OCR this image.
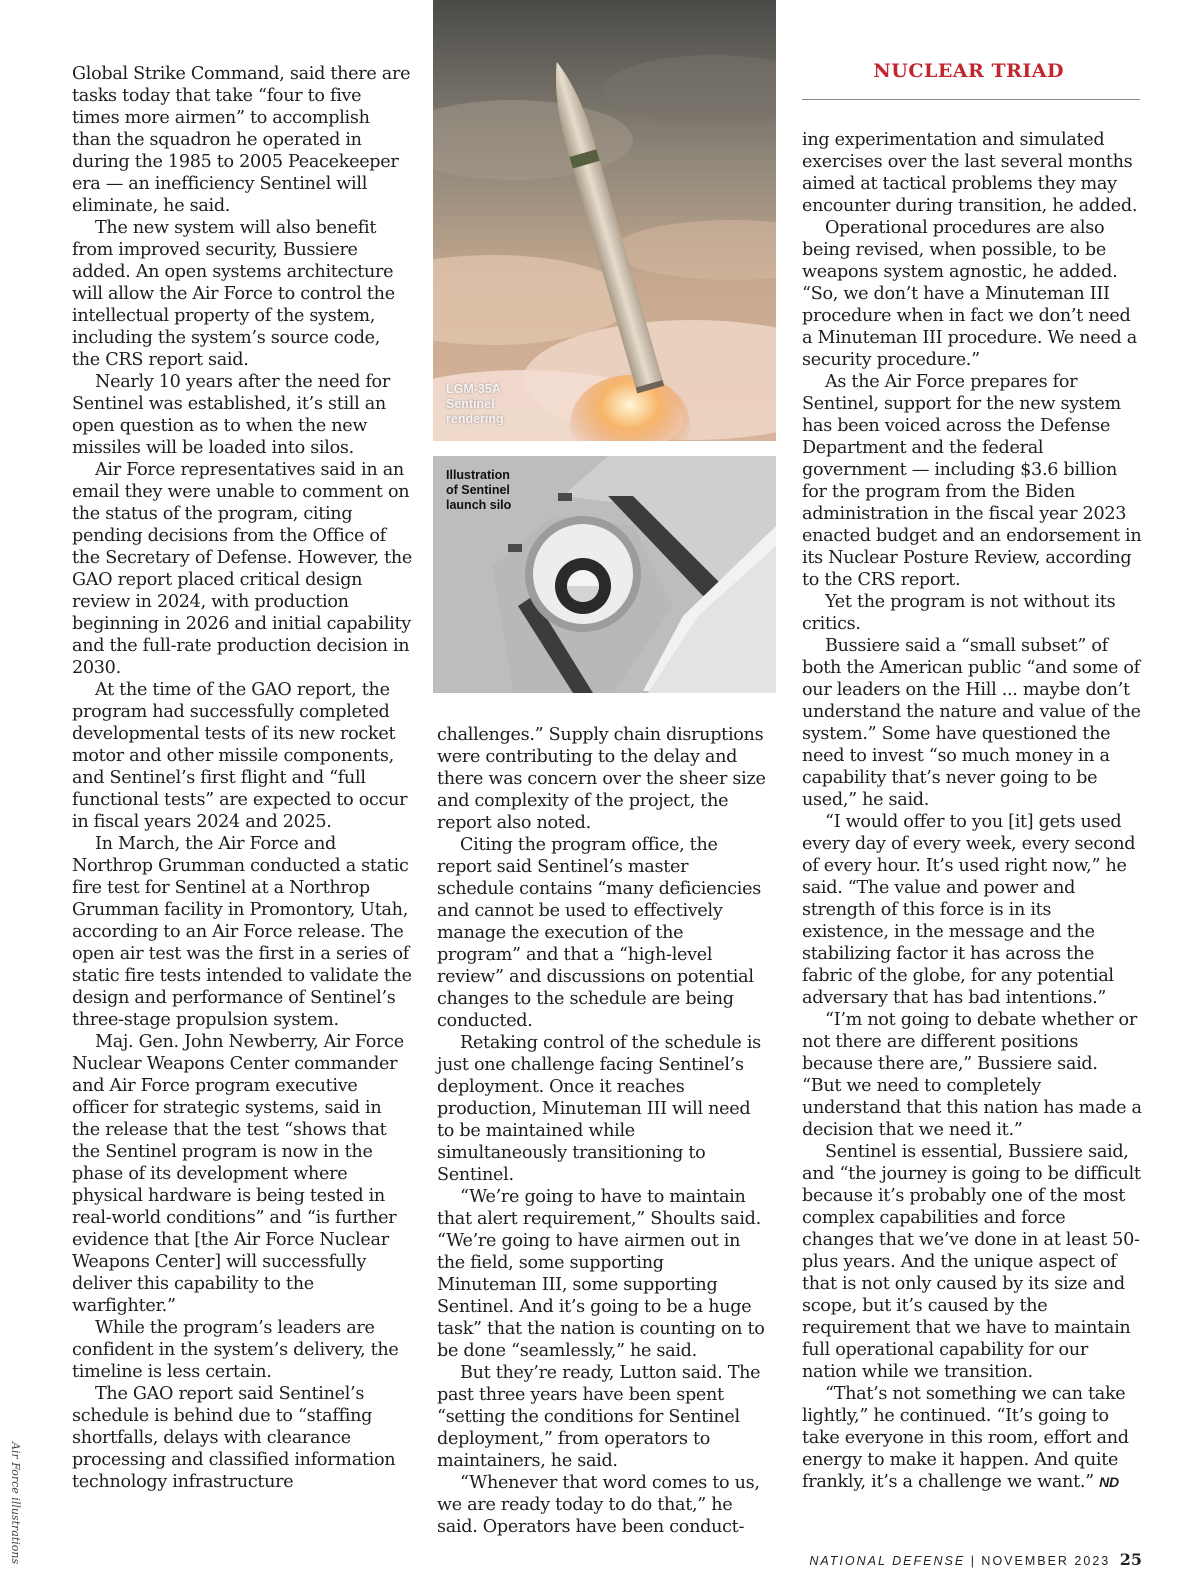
NUCLEAR TRIAD

Global Strike Command, said there are tasks today that take “four to five times more airmen” to accomplish than the squadron he operated in during the 1985 to 2005 Peacekeeper era — an inefficiency Sentinel will eliminate, he said.

The new system will also benefit from improved security, Bussiere added. An open systems architecture will allow the Air Force to control the intellectual property of the system, including the system’s source code, the CRS report said.

Nearly 10 years after the need for Sentinel was established, it’s still an open question as to when the new missiles will be loaded into silos.

Air Force representatives said in an email they were unable to comment on the status of the program, citing pending decisions from the Office of the Secretary of Defense. However, the GAO report placed critical design review in 2024, with production beginning in 2026 and initial capability and the full-rate production decision in 2030.

At the time of the GAO report, the program had successfully completed developmental tests of its new rocket motor and other missile components, and Sentinel’s first flight and “full functional tests” are expected to occur in fiscal years 2024 and 2025.

In March, the Air Force and Northrop Grumman conducted a static fire test for Sentinel at a Northrop Grumman facility in Promontory, Utah, according to an Air Force release. The open air test was the first in a series of static fire tests intended to validate the design and performance of Sentinel’s three-stage propulsion system.

Maj. Gen. John Newberry, Air Force Nuclear Weapons Center commander and Air Force program executive officer for strategic systems, said in the release that the test “shows that the Sentinel program is now in the phase of its development where physical hardware is being tested in real-world conditions” and “is further evidence that [the Air Force Nuclear Weapons Center] will successfully deliver this capability to the warfighter.”

While the program’s leaders are confident in the system’s delivery, the timeline is less certain.

The GAO report said Sentinel’s schedule is behind due to “staffing shortfalls, delays with clearance processing and classified information technology infrastructure

LGM-35A
Sentinel
rendering
Illustration
of Sentinel
launch silo

challenges.” Supply chain disruptions were contributing to the delay and there was concern over the sheer size and complexity of the project, the report also noted.

Citing the program office, the report said Sentinel’s master schedule contains “many deficiencies and cannot be used to effectively manage the execution of the program” and that a “high-level review” and discussions on potential changes to the schedule are being conducted.

Retaking control of the schedule is just one challenge facing Sentinel’s deployment. Once it reaches production, Minuteman III will need to be maintained while simultaneously transitioning to Sentinel.

“We’re going to have to maintain that alert requirement,” Shoults said. “We’re going to have airmen out in the field, some supporting Minuteman III, some supporting Sentinel. And it’s going to be a huge task” that the nation is counting on to be done “seamlessly,” he said.

But they’re ready, Lutton said. The past three years have been spent “setting the conditions for Sentinel deployment,” from operators to maintainers, he said.

“Whenever that word comes to us, we are ready today to do that,” he said. Operators have been conduct-

ing experimentation and simulated exercises over the last several months aimed at tactical problems they may encounter during transition, he added.

Operational procedures are also being revised, when possible, to be weapons system agnostic, he added. “So, we don’t have a Minuteman III procedure when in fact we don’t need a Minuteman III procedure. We need a security procedure.”

As the Air Force prepares for Sentinel, support for the new system has been voiced across the Defense Department and the federal government — including $3.6 billion for the program from the Biden administration in the fiscal year 2023 enacted budget and an endorsement in its Nuclear Posture Review, according to the CRS report.

Yet the program is not without its critics.

Bussiere said a “small subset” of both the American public “and some of our leaders on the Hill ... maybe don’t understand the nature and value of the system.” Some have questioned the need to invest “so much money in a capability that’s never going to be used,” he said.

“I would offer to you [it] gets used every day of every week, every second of every hour. It’s used right now,” he said. “The value and power and strength of this force is in its existence, in the message and the stabilizing factor it has across the fabric of the globe, for any potential adversary that has bad intentions.”

“I’m not going to debate whether or not there are different positions because there are,” Bussiere said. “But we need to completely understand that this nation has made a decision that we need it.”

Sentinel is essential, Bussiere said, and “the journey is going to be difficult because it’s probably one of the most complex capabilities and force changes that we’ve done in at least 50-plus years. And the unique aspect of that is not only caused by its size and scope, but it’s caused by the requirement that we have to maintain full operational capability for our nation while we transition.

“That’s not something we can take lightly,” he continued. “It’s going to take everyone in this room, effort and energy to make it happen. And quite frankly, it’s a challenge we want.” ND

Air Force illustrations	NATIONAL DEFENSE | NOVEMBER 2023 25
